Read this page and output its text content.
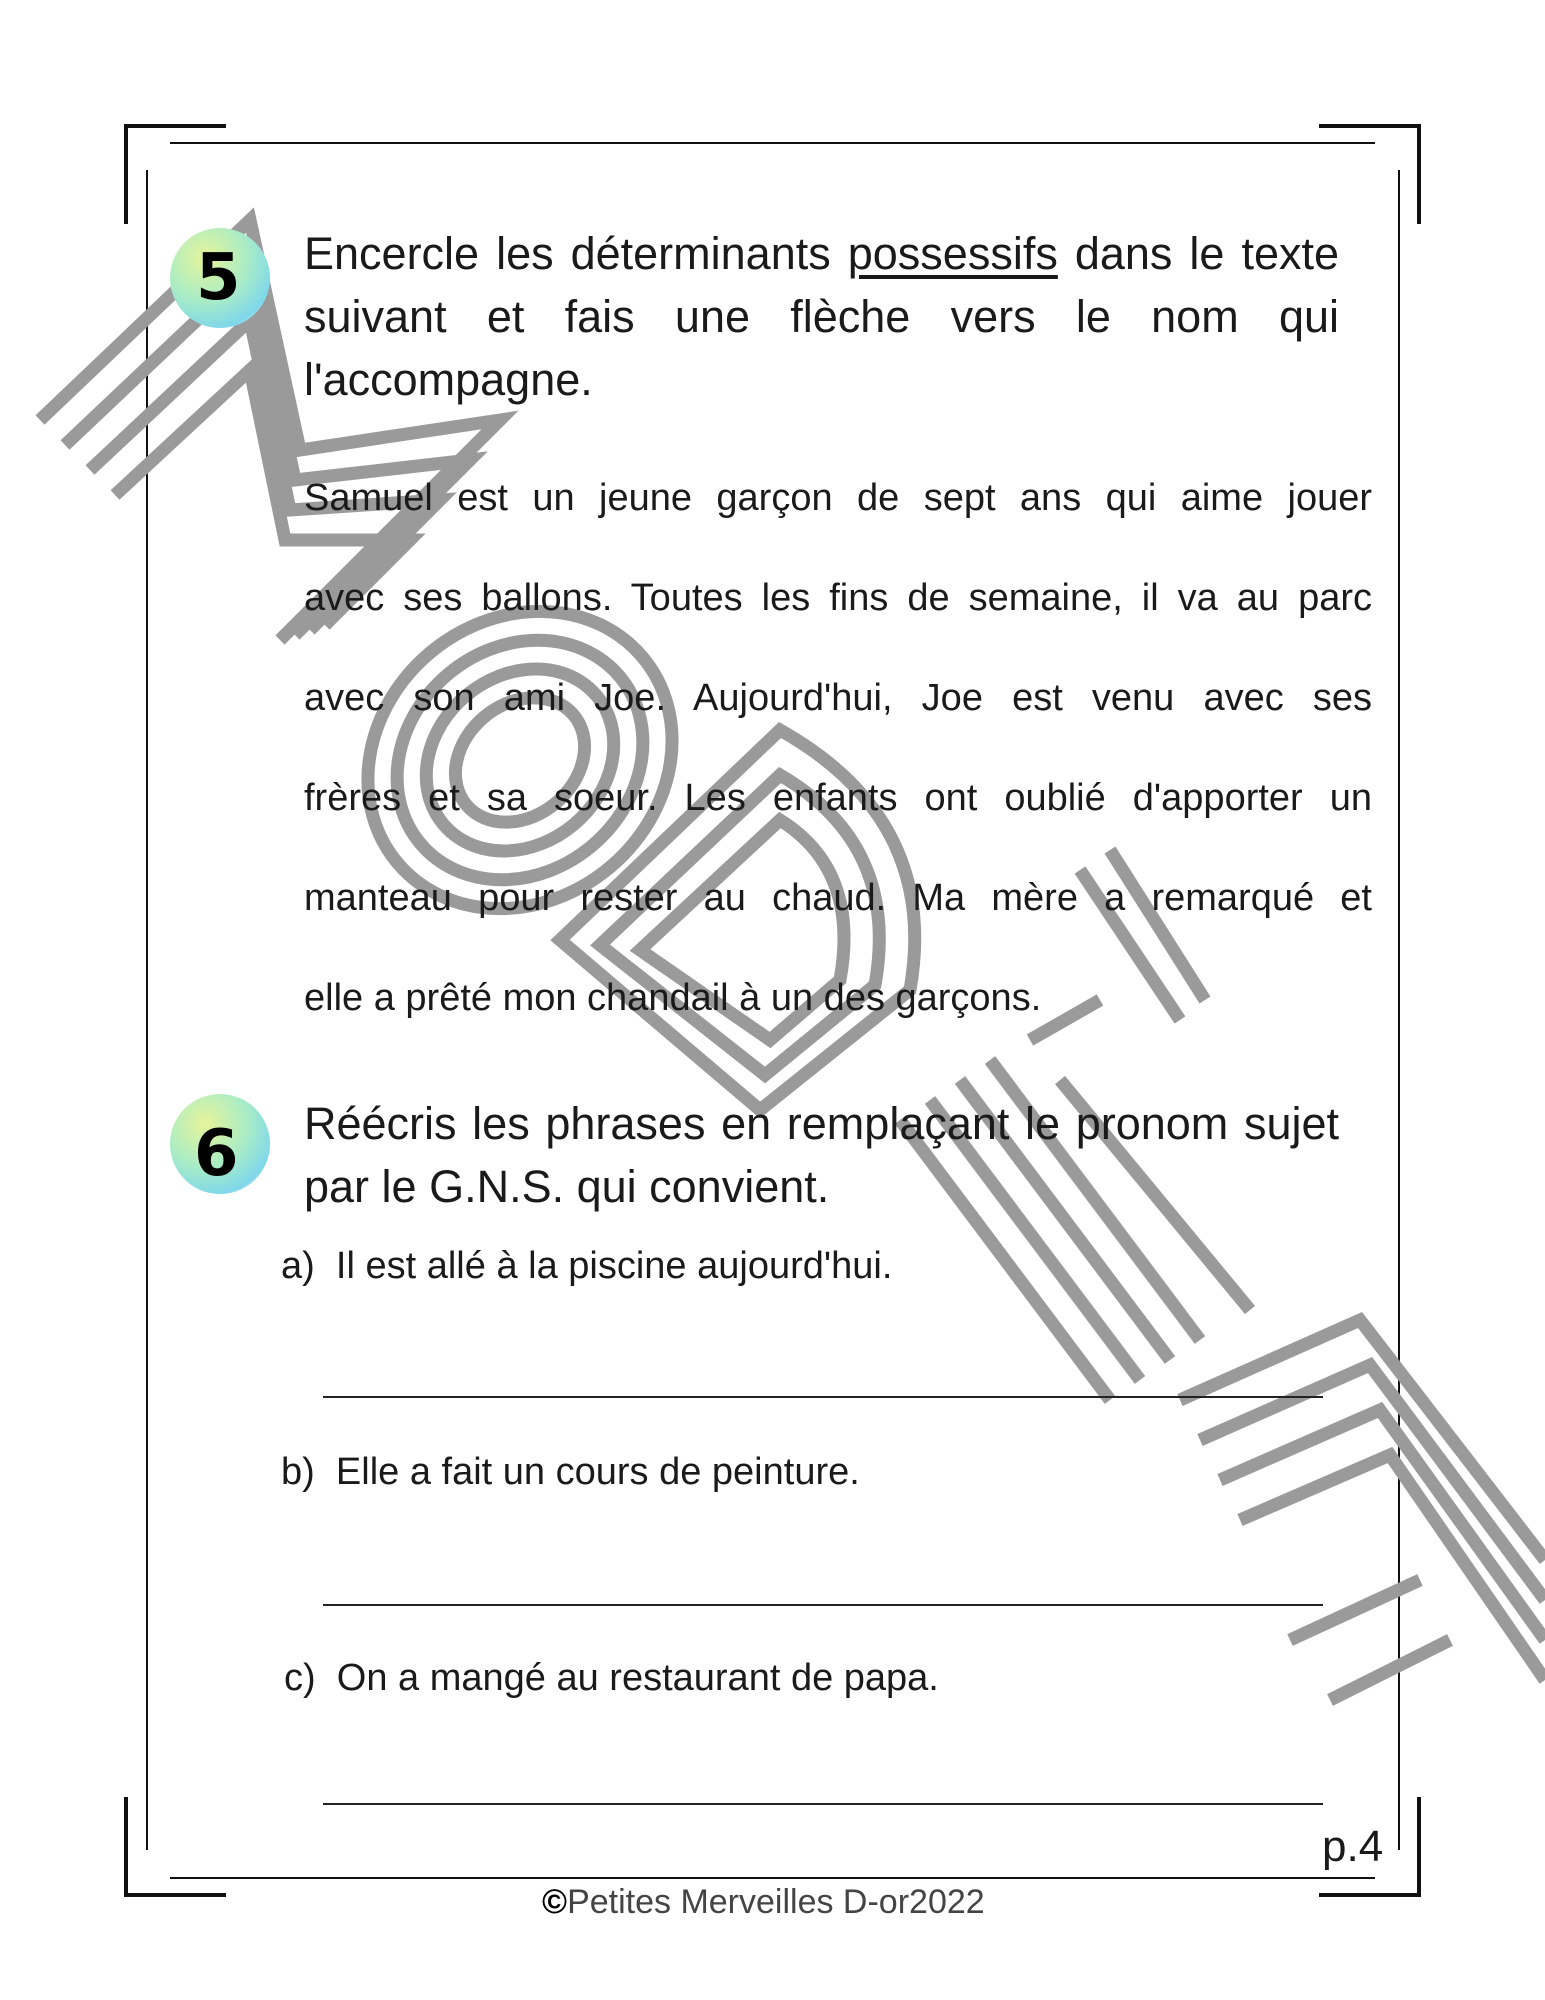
5 Encercle les déterminants possessifs dans le texte suivant et fais une flèche vers le nom qui l'accompagne.
Samuel est un jeune garçon de sept ans qui aime jouer
avec ses ballons. Toutes les fins de semaine, il va au parc
avec son ami Joe. Aujourd'hui, Joe est venu avec ses
frères et sa soeur. Les enfants ont oublié d'apporter un
manteau pour rester au chaud. Ma mère a remarqué et
elle a prêté mon chandail à un des garçons.
6 Réécris les phrases en remplaçant le pronom sujet par le G.N.S. qui convient.
a) Il est allé à la piscine aujourd'hui.
b) Elle a fait un cours de peinture.
c) On a mangé au restaurant de papa.
p.4
©Petites Merveilles D-or2022
